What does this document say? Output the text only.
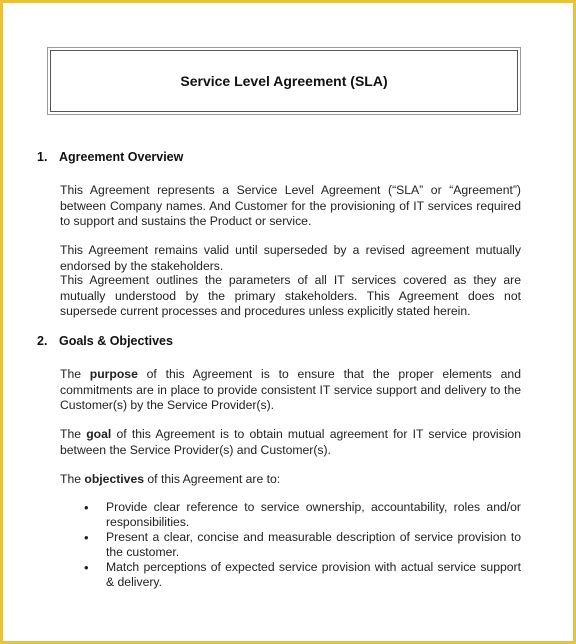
Service Level Agreement (SLA)
1. Agreement Overview

This Agreement represents a Service Level Agreement (“SLA” or “Agreement”) between Company names. And Customer for the provisioning of IT services required to support and sustains the Product or service.

This Agreement remains valid until superseded by a revised agreement mutually endorsed by the stakeholders.

This Agreement outlines the parameters of all IT services covered as they are mutually understood by the primary stakeholders. This Agreement does not supersede current processes and procedures unless explicitly stated herein.

2. Goals & Objectives

The purpose of this Agreement is to ensure that the proper elements and commitments are in place to provide consistent IT service support and delivery to the Customer(s) by the Service Provider(s).

The goal of this Agreement is to obtain mutual agreement for IT service provision between the Service Provider(s) and Customer(s).

The objectives of this Agreement are to:

• Provide clear reference to service ownership, accountability, roles and/or responsibilities.
• Present a clear, concise and measurable description of service provision to the customer.
• Match perceptions of expected service provision with actual service support & delivery.
